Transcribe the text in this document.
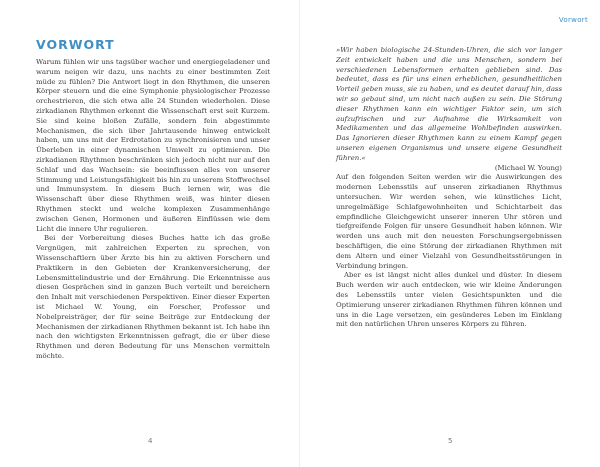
VORWORT

Warum fühlen wir uns tagsüber wacher und energiegeladener und warum neigen wir dazu, uns nachts zu einer bestimmten Zeit müde zu fühlen? Die Antwort liegt in den Rhythmen, die unseren Körper steuern und die eine Symphonie physiologischer Prozesse orchestrieren, die sich etwa alle 24 Stunden wiederholen. Diese zirkadianen Rhythmen erkennt die Wissenschaft erst seit Kurzem. Sie sind keine bloßen Zufälle, sondern fein abgestimmte Mechanismen, die sich über Jahrtausende hinweg entwickelt haben, um uns mit der Erdrotation zu synchronisieren und unser Überleben in einer dynamischen Umwelt zu optimieren. Die zirkadianen Rhythmen beschränken sich jedoch nicht nur auf den Schlaf und das Wachsein: sie beeinflussen alles von unserer Stimmung und Leistungsfähigkeit bis hin zu unserem Stoffwechsel und Immunsystem. In diesem Buch lernen wir, was die Wissenschaft über diese Rhythmen weiß, was hinter diesen Rhythmen steckt und welche komplexen Zusammenhänge zwischen Genen, Hormonen und äußeren Einflüssen wie dem Licht die innere Uhr regulieren.

Bei der Vorbereitung dieses Buches hatte ich das große Vergnügen, mit zahlreichen Experten zu sprechen, von Wissenschaftlern über Ärzte bis hin zu aktiven Forschern und Praktikern in den Gebieten der Krankenversicherung, der Lebensmittelindustrie und der Ernährung. Die Erkenntnisse aus diesen Gesprächen sind in ganzen Buch verteilt und bereichern den Inhalt mit verschiedenen Perspektiven. Einer dieser Experten ist Michael W. Young, ein Forscher, Professor und Nobelpreisträger, der für seine Beiträge zur Entdeckung der Mechanismen der zirkadianen Rhythmen bekannt ist. Ich habe ihn nach den wichtigsten Erkenntnissen gefragt, die er über diese Rhythmen und deren Bedeutung für uns Menschen vermitteln möchte.

4
Vorwort

»Wir haben biologische 24-Stunden-Uhren, die sich vor langer Zeit entwickelt haben und die uns Menschen, sondern bei verschiedenen Lebensformen erhalten geblieben sind. Das bedeutet, dass es für uns einen erheblichen, gesundheitlichen Vorteil geben muss, sie zu haben, und es deutet darauf hin, dass wir so gebaut sind, um nicht nach außen zu sein. Die Störung dieser Rhythmen kann ein wichtiger Faktor sein, um sich aufzufrischen und zur Aufnahme die Wirksamkeit von Medikamenten und das allgemeine Wohlbefinden auswirken. Das Ignorieren dieser Rhythmen kann zu einem Kampf gegen unseren eigenen Organismus und unsere eigene Gesundheit führen.«

(Michael W. Young)

Auf den folgenden Seiten werden wir die Auswirkungen des modernen Lebensstils auf unseren zirkadianen Rhythmus untersuchen. Wir werden sehen, wie künstliches Licht, unregelmäßige Schlafgewohnheiten und Schichtarbeit das empfindliche Gleichgewicht unserer inneren Uhr stören und tiefgreifende Folgen für unsere Gesundheit haben können. Wir werden uns auch mit den neuesten Forschungsergebnissen beschäftigen, die eine Störung der zirkadianen Rhythmen mit dem Altern und einer Vielzahl von Gesundheitsstörungen in Verbindung bringen.

Aber es ist längst nicht alles dunkel und düster. In diesem Buch werden wir auch entdecken, wie wir kleine Änderungen des Lebensstils unter vielen Gesichtspunkten und die Optimierung unserer zirkadianen Rhythmen führen können und uns in die Lage versetzen, ein gesünderes Leben im Einklang mit den natürlichen Uhren unseres Körpers zu führen.

5
